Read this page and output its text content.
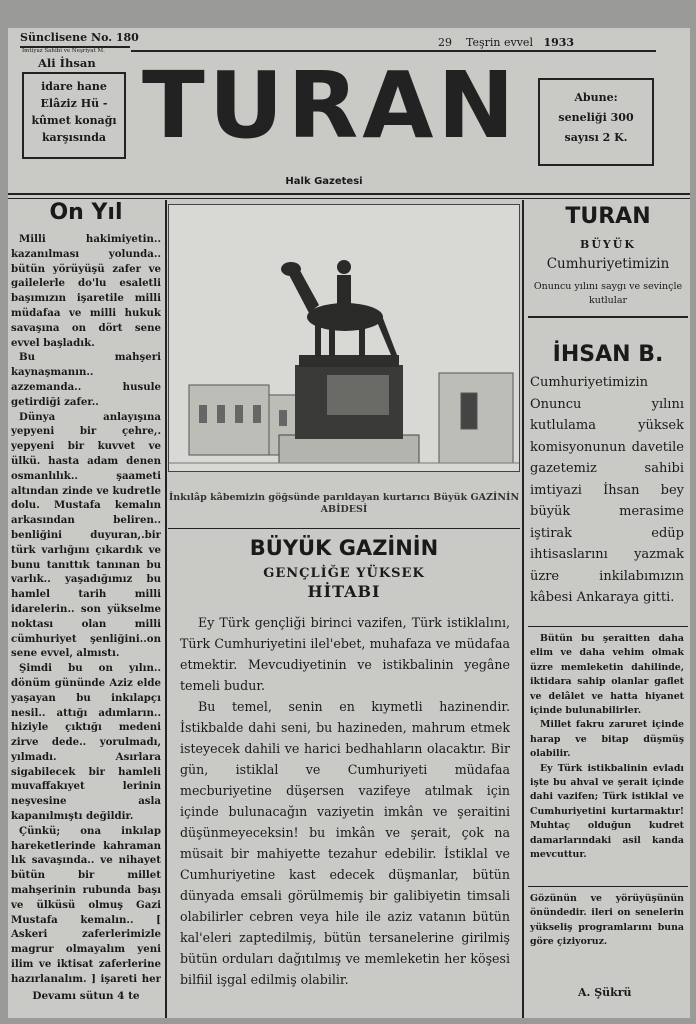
Sünclisene No. 180	29 Teşrin evvel 1933
İmtiyaz Sahibi ve Neşriyat M.
Ali İhsan
idare hane
Elâziz Hü -
kûmet konağı
karşısında TURAN
Halk Gazetesi
Abune:
seneliği 300
sayısı 2 K.
On Yıl

Milli hakimiyetin.. kazanılması yolunda.. bütün yörüyüşü zafer ve gailelerle do'lu esaletli başımızın işaretile milli müdafaa ve milli hukuk savaşına on dört sene evvel başladık.

Bu mahşeri kaynaşmanın.. azzemanda.. husule getirdiği zafer..

Dünya anlayışına yepyeni bir çehre,. yepyeni bir kuvvet ve ülkü. hasta adam denen osmanlılık.. şaameti altından zinde ve kudretle dolu. Mustafa kemalın arkasından beliren.. benliğini duyuran,.bir türk varlığını çıkardık ve bunu tanıttık tanınan bu varlık.. yaşadığımız bu hamlel tarih milli idarelerin.. son yükselme noktası olan milli cümhuriyet şenliğini..on sene evvel, almıstı.

Şimdi bu on yılın.. dönüm gününde Aziz elde yaşayan bu inkılapçı nesil.. attığı adımların.. hiziyle çıktığı medeni zirve dede.. yorulmadı, yılmadı. Asırlara sigabilecek bir hamleli muvaffakıyet lerinin neşvesine asla kapanılmıştı değildir.

Çünkü; ona inkılap hareketlerinde kahraman lık savaşında.. ve nihayet bütün bir millet mahşerinin rubunda başı ve ülküsü olmuş Gazi Mustafa kemalın.. [ Askeri zaferlerimizle magrur olmayalım yeni ilim ve iktisat zaferlerine hazırlanalım. ] işareti her

Devamı sütun 4 te
İnkılâp kâbemizin göğsünde parıldayan kurtarıcı Büyük GAZİNİN ABİDESİ
BÜYÜK GAZİNİN
GENÇLİĞE YÜKSEK
HİTABI

Ey Türk gençliği birinci vazifen, Türk istiklalını, Türk Cumhuriyetini ilel'ebet, muhafaza ve müdafaa etmektir. Mevcudiyetinin ve istikbalinin yegâne temeli budur.

Bu temel, senin en kıymetli hazinendir. İstikbalde dahi seni, bu hazineden, mahrum etmek isteyecek dahili ve harici bedhahların olacaktır. Bir gün, istiklal ve Cumhuriyeti müdafaa mecburiyetine düşersen vazifeye atılmak için içinde bulunacağın vaziyetin imkân ve şeraitini düşünmeyeceksin! bu imkân ve şerait, çok na müsait bir mahiyette tezahur edebilir. İstiklal ve Cumhuriyetine kast edecek düşmanlar, bütün dünyada emsali görülmemiş bir galibiyetin timsali olabilirler cebren veya hile ile aziz vatanın bütün kal'eleri zaptedilmiş, bütün tersanelerine girilmiş bütün orduları dağıtılmış ve memleketin her köşesi bilfiil işgal edilmiş olabilir.

TURAN
BÜYÜK
Cumhuriyetimizin
Onuncu yılını saygı ve sevinçle kutlular
İHSAN B.
Cumhuriyetimizin Onuncu yılını kutlulama yüksek komisyonunun davetile gazetemiz sahibi imtiyazi İhsan bey büyük merasime iştirak edüp ihtisaslarını yazmak üzre inkilabımızın kâbesi Ankaraya gitti.

Bütün bu şeraitten daha elim ve daha vehim olmak üzre memleketin dahilinde, iktidara sahip olanlar gaflet ve delâlet ve hatta hiyanet içinde bulunabilirler.

Millet fakru zaruret içinde harap ve bitap düşmüş olabilir.

Ey Türk istikbalinin evladı işte bu ahval ve şerait içinde dahi vazifen; Türk istiklal ve Cumhuriyetini kurtarmaktır! Muhtaç olduğun kudret damarlarındaki asil kanda mevcuttur.

Gözünün ve yörüyüşünün önündedir. ileri on senelerin yükseliş programlarını buna göre çiziyoruz.
A. Şükrü
